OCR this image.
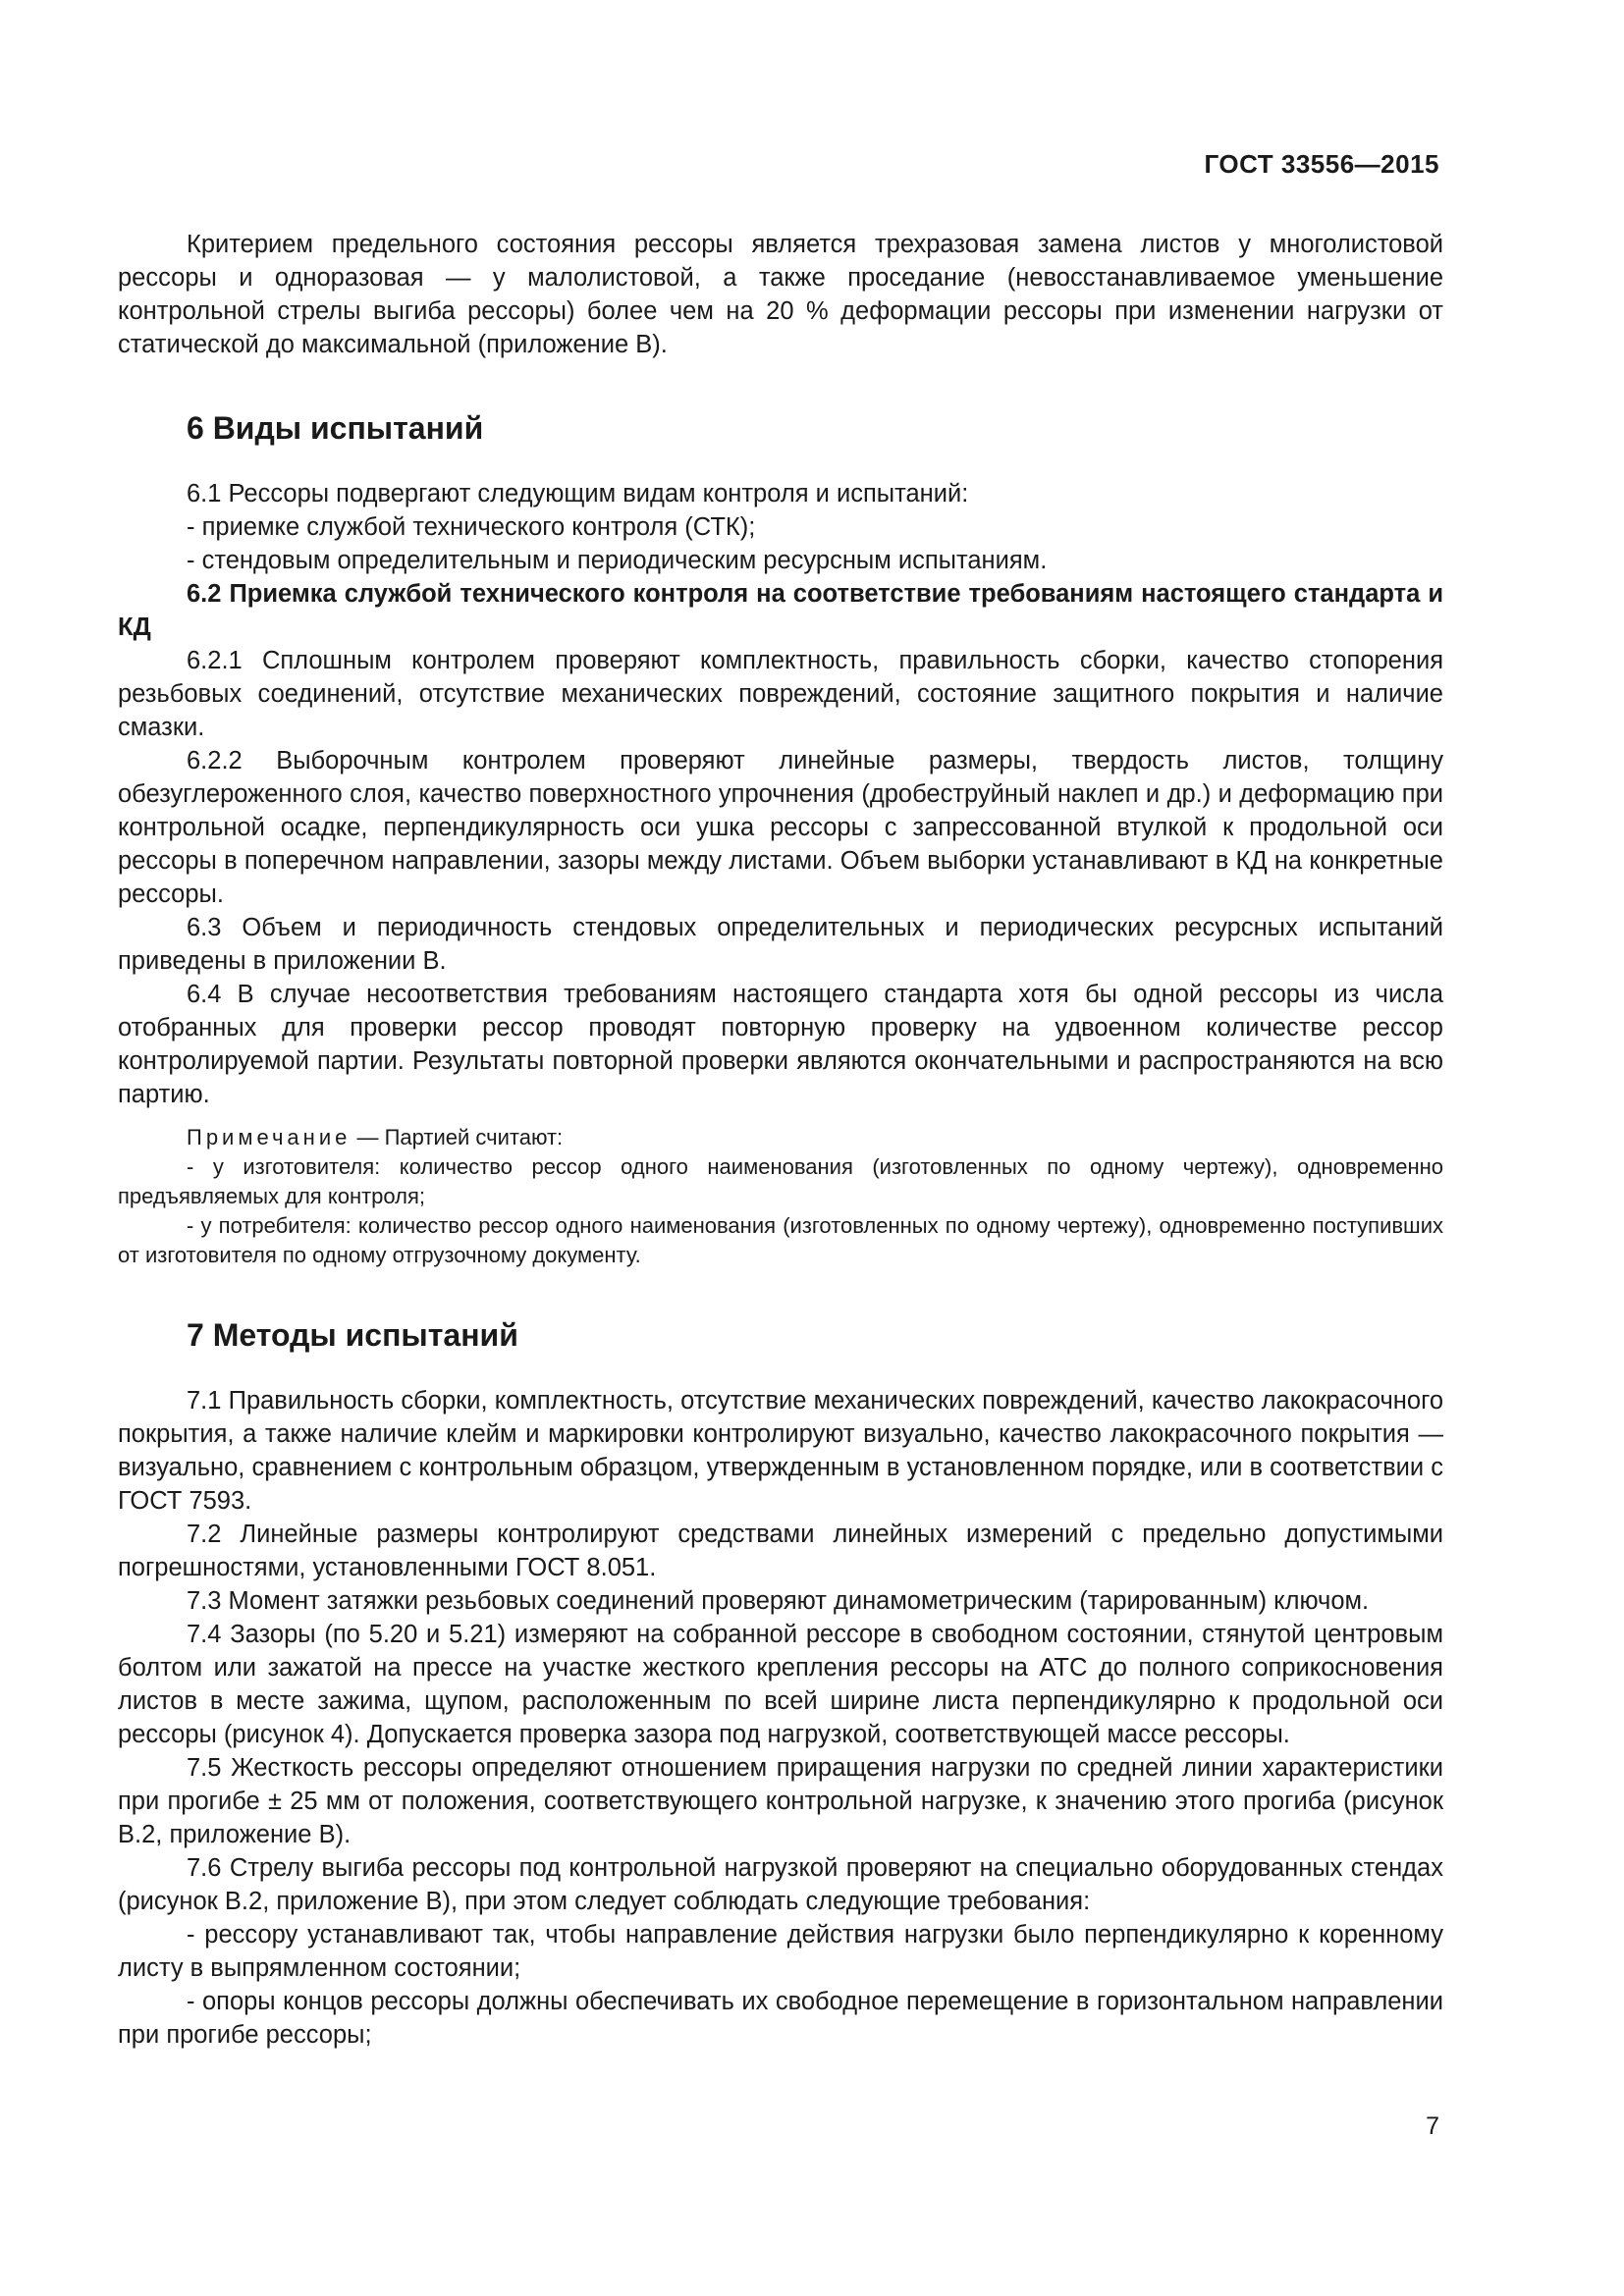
ГОСТ 33556—2015

Критерием предельного состояния рессоры является трехразовая замена листов у многолистовой рессоры и одноразовая — у малолистовой, а также проседание (невосстанавливаемое уменьшение контрольной стрелы выгиба рессоры) более чем на 20 % деформации рессоры при изменении нагрузки от статической до максимальной (приложение В).

6 Виды испытаний

6.1 Рессоры подвергают следующим видам контроля и испытаний:

- приемке службой технического контроля (СТК);

- стендовым определительным и периодическим ресурсным испытаниям.

6.2 Приемка службой технического контроля на соответствие требованиям настоящего стандарта и КД

6.2.1 Сплошным контролем проверяют комплектность, правильность сборки, качество стопорения резьбовых соединений, отсутствие механических повреждений, состояние защитного покрытия и наличие смазки.

6.2.2 Выборочным контролем проверяют линейные размеры, твердость листов, толщину обезуглероженного слоя, качество поверхностного упрочнения (дробеструйный наклеп и др.) и деформацию при контрольной осадке, перпендикулярность оси ушка рессоры с запрессованной втулкой к продольной оси рессоры в поперечном направлении, зазоры между листами. Объем выборки устанавливают в КД на конкретные рессоры.

6.3 Объем и периодичность стендовых определительных и периодических ресурсных испытаний приведены в приложении В.

6.4 В случае несоответствия требованиям настоящего стандарта хотя бы одной рессоры из числа отобранных для проверки рессор проводят повторную проверку на удвоенном количестве рессор контролируемой партии. Результаты повторной проверки являются окончательными и распространяются на всю партию.

Примечание — Партией считают:

- у изготовителя: количество рессор одного наименования (изготовленных по одному чертежу), одновременно предъявляемых для контроля;

- у потребителя: количество рессор одного наименования (изготовленных по одному чертежу), одновременно поступивших от изготовителя по одному отгрузочному документу.

7 Методы испытаний

7.1 Правильность сборки, комплектность, отсутствие механических повреждений, качество лакокрасочного покрытия, а также наличие клейм и маркировки контролируют визуально, качество лакокрасочного покрытия — визуально, сравнением с контрольным образцом, утвержденным в установленном порядке, или в соответствии с ГОСТ 7593.

7.2 Линейные размеры контролируют средствами линейных измерений с предельно допустимыми погрешностями, установленными ГОСТ 8.051.

7.3 Момент затяжки резьбовых соединений проверяют динамометрическим (тарированным) ключом.

7.4 Зазоры (по 5.20 и 5.21) измеряют на собранной рессоре в свободном состоянии, стянутой центровым болтом или зажатой на прессе на участке жесткого крепления рессоры на АТС до полного соприкосновения листов в месте зажима, щупом, расположенным по всей ширине листа перпендикулярно к продольной оси рессоры (рисунок 4). Допускается проверка зазора под нагрузкой, соответствующей массе рессоры.

7.5 Жесткость рессоры определяют отношением приращения нагрузки по средней линии характеристики при прогибе ± 25 мм от положения, соответствующего контрольной нагрузке, к значению этого прогиба (рисунок В.2, приложение В).

7.6 Стрелу выгиба рессоры под контрольной нагрузкой проверяют на специально оборудованных стендах (рисунок В.2, приложение В), при этом следует соблюдать следующие требования:

- рессору устанавливают так, чтобы направление действия нагрузки было перпендикулярно к коренному листу в выпрямленном состоянии;

- опоры концов рессоры должны обеспечивать их свободное перемещение в горизонтальном направлении при прогибе рессоры;

7
